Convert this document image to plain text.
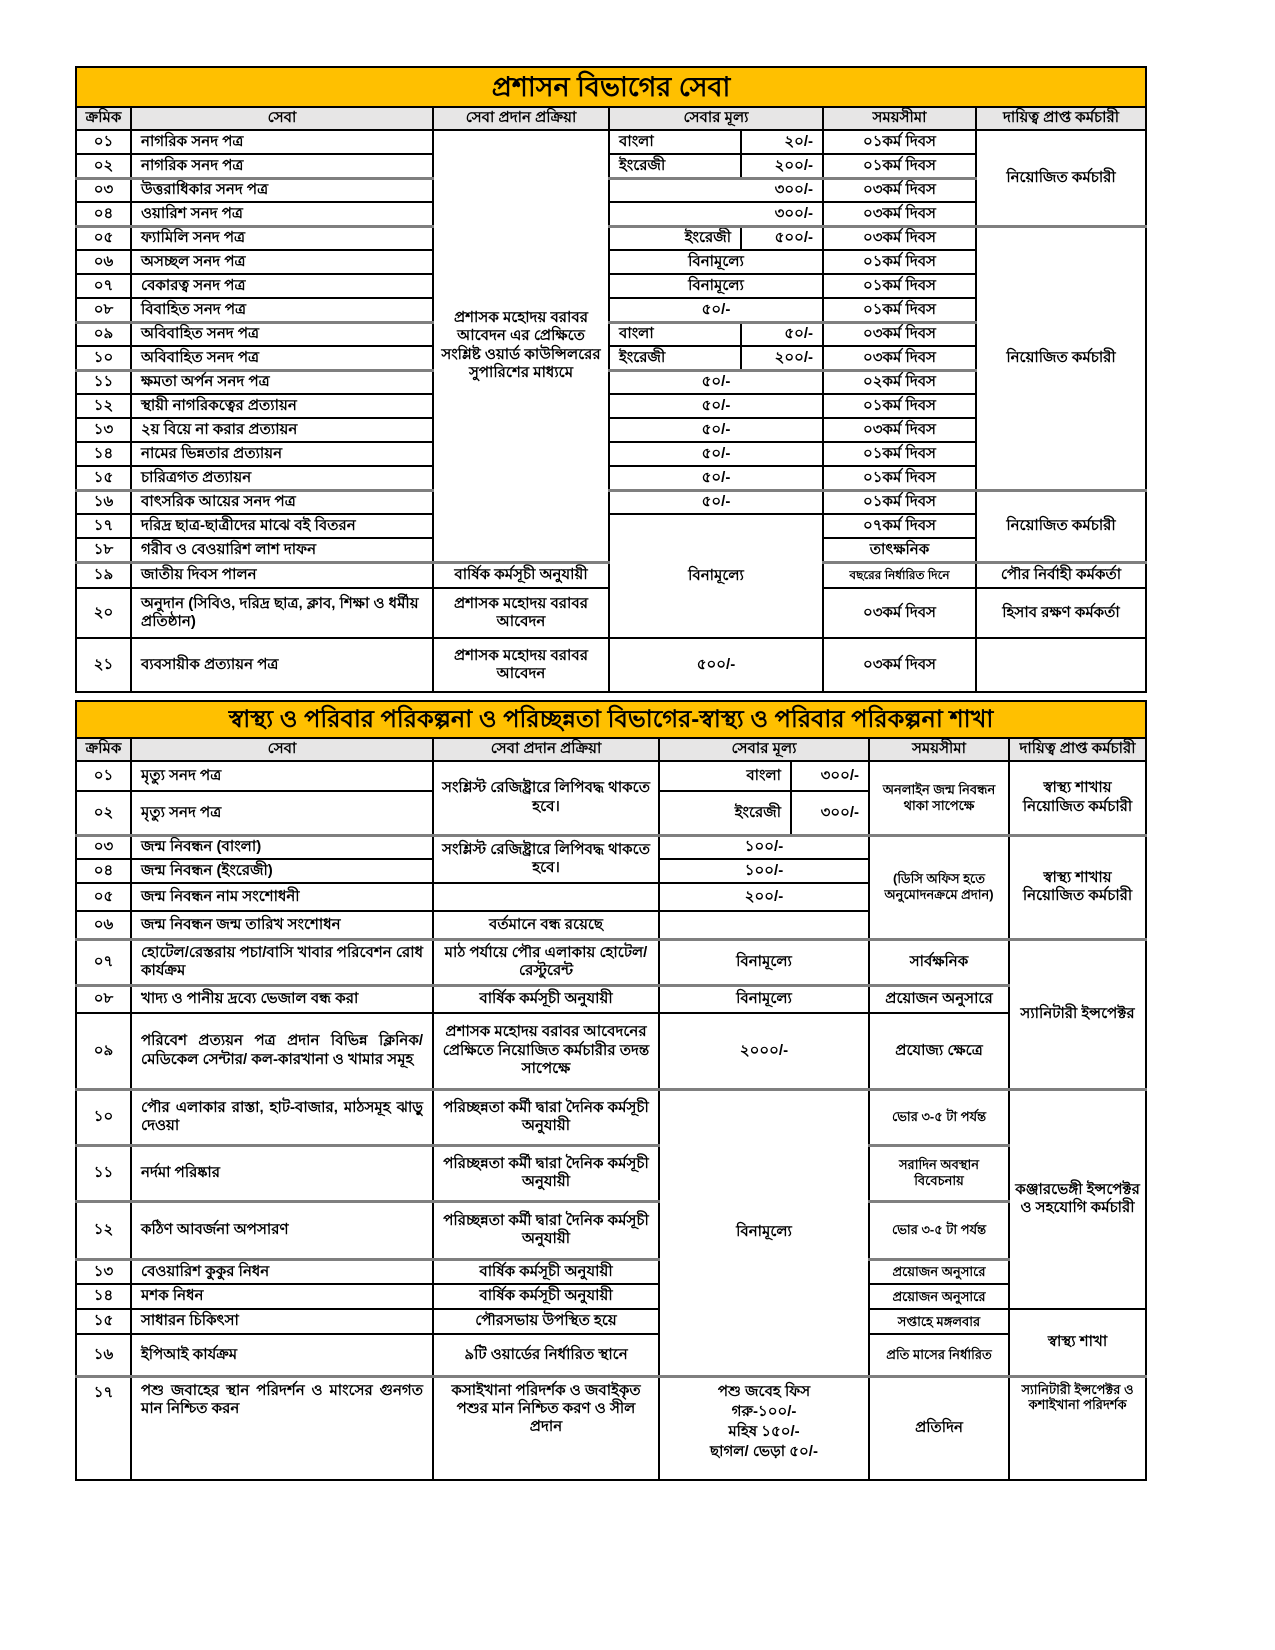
প্রশাসন বিভাগের সেবা						
ক্রমিক	সেবা	সেবা প্রদান প্রক্রিয়া	সেবার মূল্য		সময়সীমা	দায়িত্ব প্রাপ্ত কর্মচারী
০১	নাগরিক সনদ পত্র	প্রশাসক মহোদয় বরাবর আবেদন এর প্রেক্ষিতে সংশ্লিষ্ট ওয়ার্ড কাউন্সিলরের সুপারিশের মাধ্যমে	বাংলা	২০/-	০১কর্ম দিবস	নিয়োজিত কর্মচারী
০২	নাগরিক সনদ পত্র		ইংরেজী	২০০/-	০১কর্ম দিবস	
০৩	উত্তরাধিকার সনদ পত্র		৩০০/-		০৩কর্ম দিবস	
০৪	ওয়ারিশ সনদ পত্র		৩০০/-		০৩কর্ম দিবস	
০৫	ফ্যামিলি সনদ পত্র		ইংরেজী	৫০০/-	০৩কর্ম দিবস	নিয়োজিত কর্মচারী
০৬	অসচ্ছল সনদ পত্র		বিনামূল্যে		০১কর্ম দিবস	
০৭	বেকারত্ব সনদ পত্র		বিনামূল্যে		০১কর্ম দিবস	
০৮	বিবাহিত সনদ পত্র		৫০/-		০১কর্ম দিবস	
০৯	অবিবাহিত সনদ পত্র		বাংলা	৫০/-	০৩কর্ম দিবস	
১০	অবিবাহিত সনদ পত্র		ইংরেজী	২০০/-	০৩কর্ম দিবস	
১১	ক্ষমতা অর্পন সনদ পত্র		৫০/-		০২কর্ম দিবস	
১২	স্থায়ী নাগরিকত্বের প্রত্যায়ন		৫০/-		০১কর্ম দিবস	
১৩	২য় বিয়ে না করার প্রত্যায়ন		৫০/-		০৩কর্ম দিবস	
১৪	নামের ভিন্নতার প্রত্যায়ন		৫০/-		০১কর্ম দিবস	
১৫	চারিত্রগত প্রত্যায়ন		৫০/-		০১কর্ম দিবস	
১৬	বাৎসরিক আয়ের সনদ পত্র		৫০/-		০১কর্ম দিবস	নিয়োজিত কর্মচারী
১৭	দরিদ্র ছাত্র-ছাত্রীদের মাঝে বই বিতরন		বিনামূল্যে		০৭কর্ম দিবস	
১৮	গরীব ও বেওয়ারিশ লাশ দাফন				তাৎক্ষনিক	
১৯	জাতীয় দিবস পালন	বার্ষিক কর্মসূচী অনুযায়ী			বছরের নির্ধারিত দিনে	পৌর নির্বাহী কর্মকর্তা
২০	অনুদান (সিবিও, দরিদ্র ছাত্র, ক্লাব, শিক্ষা ও ধর্মীয় প্রতিষ্ঠান)	প্রশাসক মহোদয় বরাবর আবেদন			০৩কর্ম দিবস	হিসাব রক্ষণ কর্মকর্তা
২১	ব্যবসায়ীক প্রত্যায়ন পত্র	প্রশাসক মহোদয় বরাবর আবেদন	৫০০/-		০৩কর্ম দিবস	
স্বাস্থ্য ও পরিবার পরিকল্পনা ও পরিচ্ছন্নতা বিভাগের-স্বাস্থ্য ও পরিবার পরিকল্পনা শাখা						
ক্রমিক	সেবা	সেবা প্রদান প্রক্রিয়া	সেবার মূল্য		সময়সীমা	দায়িত্ব প্রাপ্ত কর্মচারী
০১	মৃত্যু সনদ পত্র	সংশ্লিস্ট রেজিষ্ট্রারে লিপিবদ্ধ থাকতে হবে।	বাংলা	৩০০/-	অনলাইন জন্ম নিবন্ধন থাকা সাপেক্ষে	স্বাস্থ্য শাখায় নিয়োজিত কর্মচারী
০২	মৃত্যু সনদ পত্র		ইংরেজী	৩০০/-		
০৩	জন্ম নিবন্ধন (বাংলা)	সংশ্লিস্ট রেজিষ্ট্রারে লিপিবদ্ধ থাকতে হবে।	১০০/-		(ডিসি অফিস হতে অনুমোদনক্রমে প্রদান)	স্বাস্থ্য শাখায় নিয়োজিত কর্মচারী
০৪	জন্ম নিবন্ধন (ইংরেজী)		১০০/-			
০৫	জন্ম নিবন্ধন নাম সংশোধনী		২০০/-			
০৬	জন্ম নিবন্ধন জন্ম তারিখ সংশোধন	বর্তমানে বন্ধ রয়েছে				
০৭	হোটেল/রেস্তরায় পচা/বাসি খাবার পরিবেশন রোধ কার্যক্রম	মাঠ পর্যায়ে পৌর এলাকায় হোটেল/ রেস্টুরেন্ট	বিনামূল্যে		সার্বক্ষনিক	স্যানিটারী ইন্সপেক্টর
০৮	খাদ্য ও পানীয় দ্রব্যে ভেজাল বন্ধ করা	বার্ষিক কর্মসূচী অনুযায়ী	বিনামূল্যে		প্রয়োজন অনুসারে	
০৯	পরিবেশ প্রত্যয়ন পত্র প্রদান বিভিন্ন ক্লিনিক/মেডিকেল সেন্টার/ কল-কারখানা ও খামার সমূহ	প্রশাসক মহোদয় বরাবর আবেদনের প্রেক্ষিতে নিয়োজিত কর্মচারীর তদন্ত সাপেক্ষে	২০০০/-		প্রযোজ্য ক্ষেত্রে	
১০	পৌর এলাকার রাস্তা, হাট-বাজার, মাঠসমূহ ঝাড়ু দেওয়া	পরিচ্ছন্নতা কর্মী দ্বারা দৈনিক কর্মসূচী অনুযায়ী	বিনামূল্যে		ভোর ৩-৫ টা পর্যন্ত	কঞ্জারভেঙ্গী ইন্সপেক্টর ও সহযোগি কর্মচারী
১১	নর্দমা পরিষ্কার	পরিচ্ছন্নতা কর্মী দ্বারা দৈনিক কর্মসূচী অনুযায়ী			সরাদিন অবস্থান বিবেচনায়	
১২	কঠিণ আবর্জনা অপসারণ	পরিচ্ছন্নতা কর্মী দ্বারা দৈনিক কর্মসূচী অনুযায়ী			ভোর ৩-৫ টা পর্যন্ত	
১৩	বেওয়ারিশ কুকুর নিধন	বার্ষিক কর্মসূচী অনুযায়ী			প্রয়োজন অনুসারে	
১৪	মশক নিধন	বার্ষিক কর্মসূচী অনুযায়ী			প্রয়োজন অনুসারে	
১৫	সাধারন চিকিৎসা	পৌরসভায় উপস্থিত হয়ে			সপ্তাহে মঙ্গলবার	স্বাস্থ্য শাখা
১৬	ইপিআই কার্যক্রম	৯টি ওয়ার্ডের নির্ধারিত স্থানে			প্রতি মাসের নির্ধারিত	
১৭	পশু জবাহের স্থান পরিদর্শন ও মাংসের গুনগত মান নিশ্চিত করন	কসাইখানা পরিদর্শক ও জবাইকৃত পশুর মান নিশ্চিত করণ ও সীল প্রদান	পশু জবেহ ফিস
গরু-১০০/-
মহিষ ১৫০/-
ছাগল/ ভেড়া ৫০/-		প্রতিদিন	স্যানিটারী ইন্সপেক্টর ও কশাইখানা পরিদর্শক
